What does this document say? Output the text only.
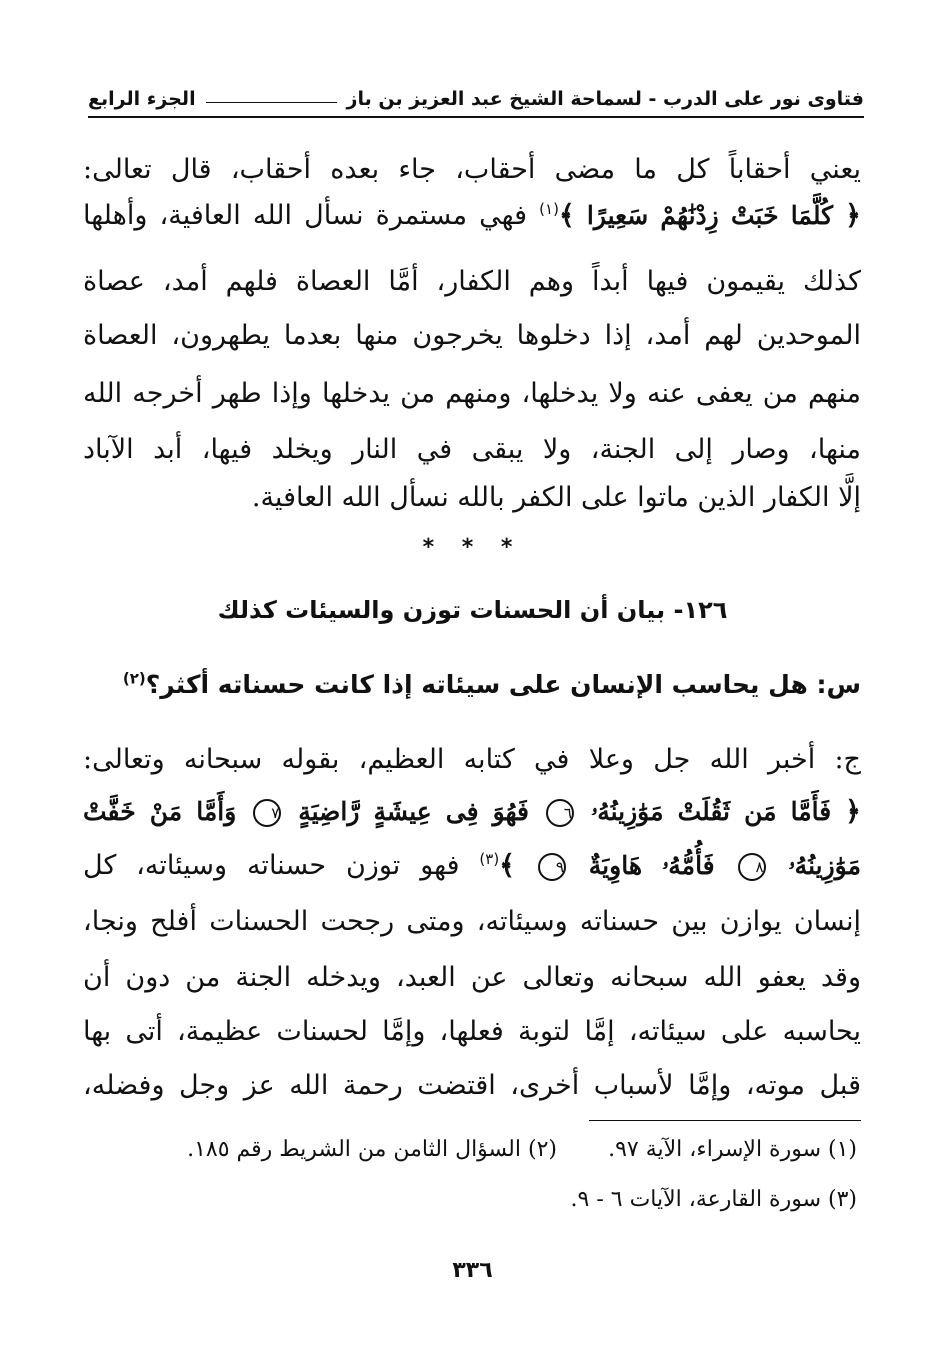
فتاوى نور على الدرب - لسماحة الشيخ عبد العزيز بن باز
الجزء الرابع
يعني أحقاباً كل ما مضى أحقاب، جاء بعده أحقاب، قال تعالى:
﴿ كُلَّمَا خَبَتْ زِدْنَٰهُمْ سَعِيرًا ﴾$^{(١)}$ فهي مستمرة نسأل الله العافية، وأهلها
كذلك يقيمون فيها أبداً وهم الكفار، أمَّا العصاة فلهم أمد، عصاة
الموحدين لهم أمد، إذا دخلوها يخرجون منها بعدما يطهرون، العصاة
منهم من يعفى عنه ولا يدخلها، ومنهم من يدخلها وإذا طهر أخرجه الله
منها، وصار إلى الجنة، ولا يبقى في النار ويخلد فيها، أبد الآباد
إلَّا الكفار الذين ماتوا على الكفر بالله نسأل الله العافية.
* * *
١٢٦- بيان أن الحسنات توزن والسيئات كذلك
س: هل يحاسب الإنسان على سيئاته إذا كانت حسناته أكثر؟$^{(٢)}$
ج: أخبر الله جل وعلا في كتابه العظيم، بقوله سبحانه وتعالى:
﴿ فَأَمَّا مَن ثَقُلَتْ مَوَٰزِينُهُۥ ٦ فَهُوَ فِى عِيشَةٍ رَّاضِيَةٍ ٧ وَأَمَّا مَنْ خَفَّتْ
مَوَٰزِينُهُۥ ٨ فَأُمُّهُۥ هَاوِيَةٌ ٩ ﴾$^{(٣)}$ فهو توزن حسناته وسيئاته، كل
إنسان يوازن بين حسناته وسيئاته، ومتى رجحت الحسنات أفلح ونجا،
وقد يعفو الله سبحانه وتعالى عن العبد، ويدخله الجنة من دون أن
يحاسبه على سيئاته، إمَّا لتوبة فعلها، وإمَّا لحسنات عظيمة، أتى بها
قبل موته، وإمَّا لأسباب أخرى، اقتضت رحمة الله عز وجل وفضله،
(١) سورة الإسراء، الآية ٩٧.
(٢) السؤال الثامن من الشريط رقم ١٨٥.
(٣) سورة القارعة، الآيات ٦ - ٩.
٣٣٦
